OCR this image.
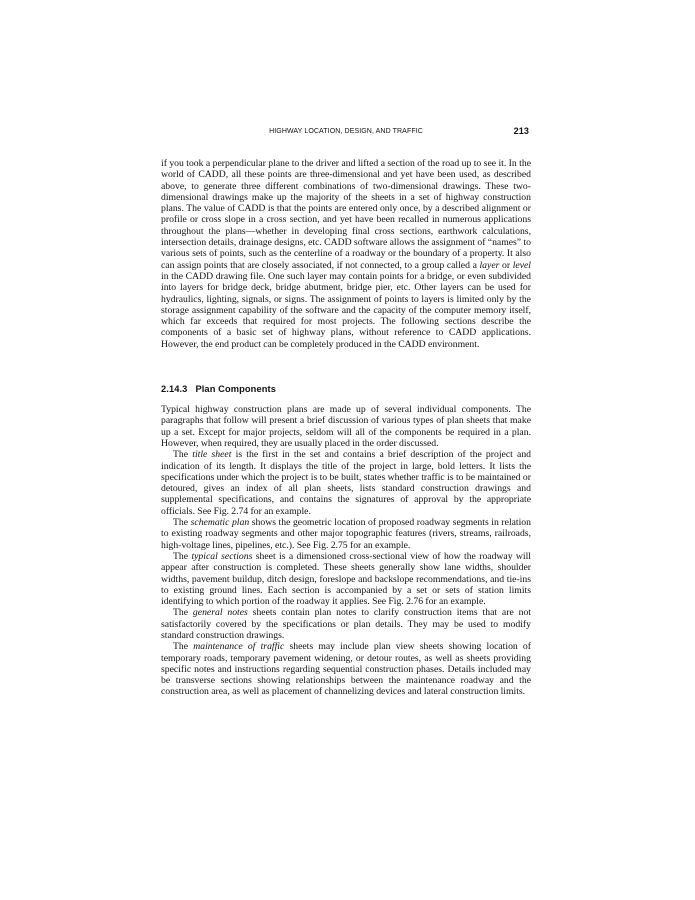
HIGHWAY LOCATION, DESIGN, AND TRAFFIC	213

if you took a perpendicular plane to the driver and lifted a section of the road up to see it. In the world of CADD, all these points are three-dimensional and yet have been used, as described above, to generate three different combinations of two-dimensional drawings. These two-dimensional drawings make up the majority of the sheets in a set of highway construction plans. The value of CADD is that the points are entered only once, by a described alignment or profile or cross slope in a cross section, and yet have been recalled in numerous applications throughout the plans—whether in developing final cross sections, earthwork calculations, intersection details, drainage designs, etc. CADD software allows the assignment of “names” to various sets of points, such as the centerline of a roadway or the boundary of a property. It also can assign points that are closely associated, if not connected, to a group called a layer or level in the CADD drawing file. One such layer may contain points for a bridge, or even subdivided into layers for bridge deck, bridge abutment, bridge pier, etc. Other layers can be used for hydraulics, lighting, signals, or signs. The assignment of points to layers is limited only by the storage assignment capability of the software and the capacity of the computer memory itself, which far exceeds that required for most projects. The following sections describe the components of a basic set of highway plans, without reference to CADD applications. However, the end product can be completely produced in the CADD environment.

2.14.3 Plan Components

Typical highway construction plans are made up of several individual components. The paragraphs that follow will present a brief discussion of various types of plan sheets that make up a set. Except for major projects, seldom will all of the components be required in a plan. However, when required, they are usually placed in the order discussed.

The title sheet is the first in the set and contains a brief description of the project and indication of its length. It displays the title of the project in large, bold letters. It lists the specifications under which the project is to be built, states whether traffic is to be maintained or detoured, gives an index of all plan sheets, lists standard construction drawings and supplemental specifications, and contains the signatures of approval by the appropriate officials. See Fig. 2.74 for an example.

The schematic plan shows the geometric location of proposed roadway segments in relation to existing roadway segments and other major topographic features (rivers, streams, railroads, high-voltage lines, pipelines, etc.). See Fig. 2.75 for an example.

The typical sections sheet is a dimensioned cross-sectional view of how the roadway will appear after construction is completed. These sheets generally show lane widths, shoulder widths, pavement buildup, ditch design, foreslope and backslope recommendations, and tie-ins to existing ground lines. Each section is accompanied by a set or sets of station limits identifying to which portion of the roadway it applies. See Fig. 2.76 for an example.

The general notes sheets contain plan notes to clarify construction items that are not satisfactorily covered by the specifications or plan details. They may be used to modify standard construction drawings.

The maintenance of traffic sheets may include plan view sheets showing location of temporary roads, temporary pavement widening, or detour routes, as well as sheets providing specific notes and instructions regarding sequential construction phases. Details included may be transverse sections showing relationships between the maintenance roadway and the construction area, as well as placement of channelizing devices and lateral construction limits.
